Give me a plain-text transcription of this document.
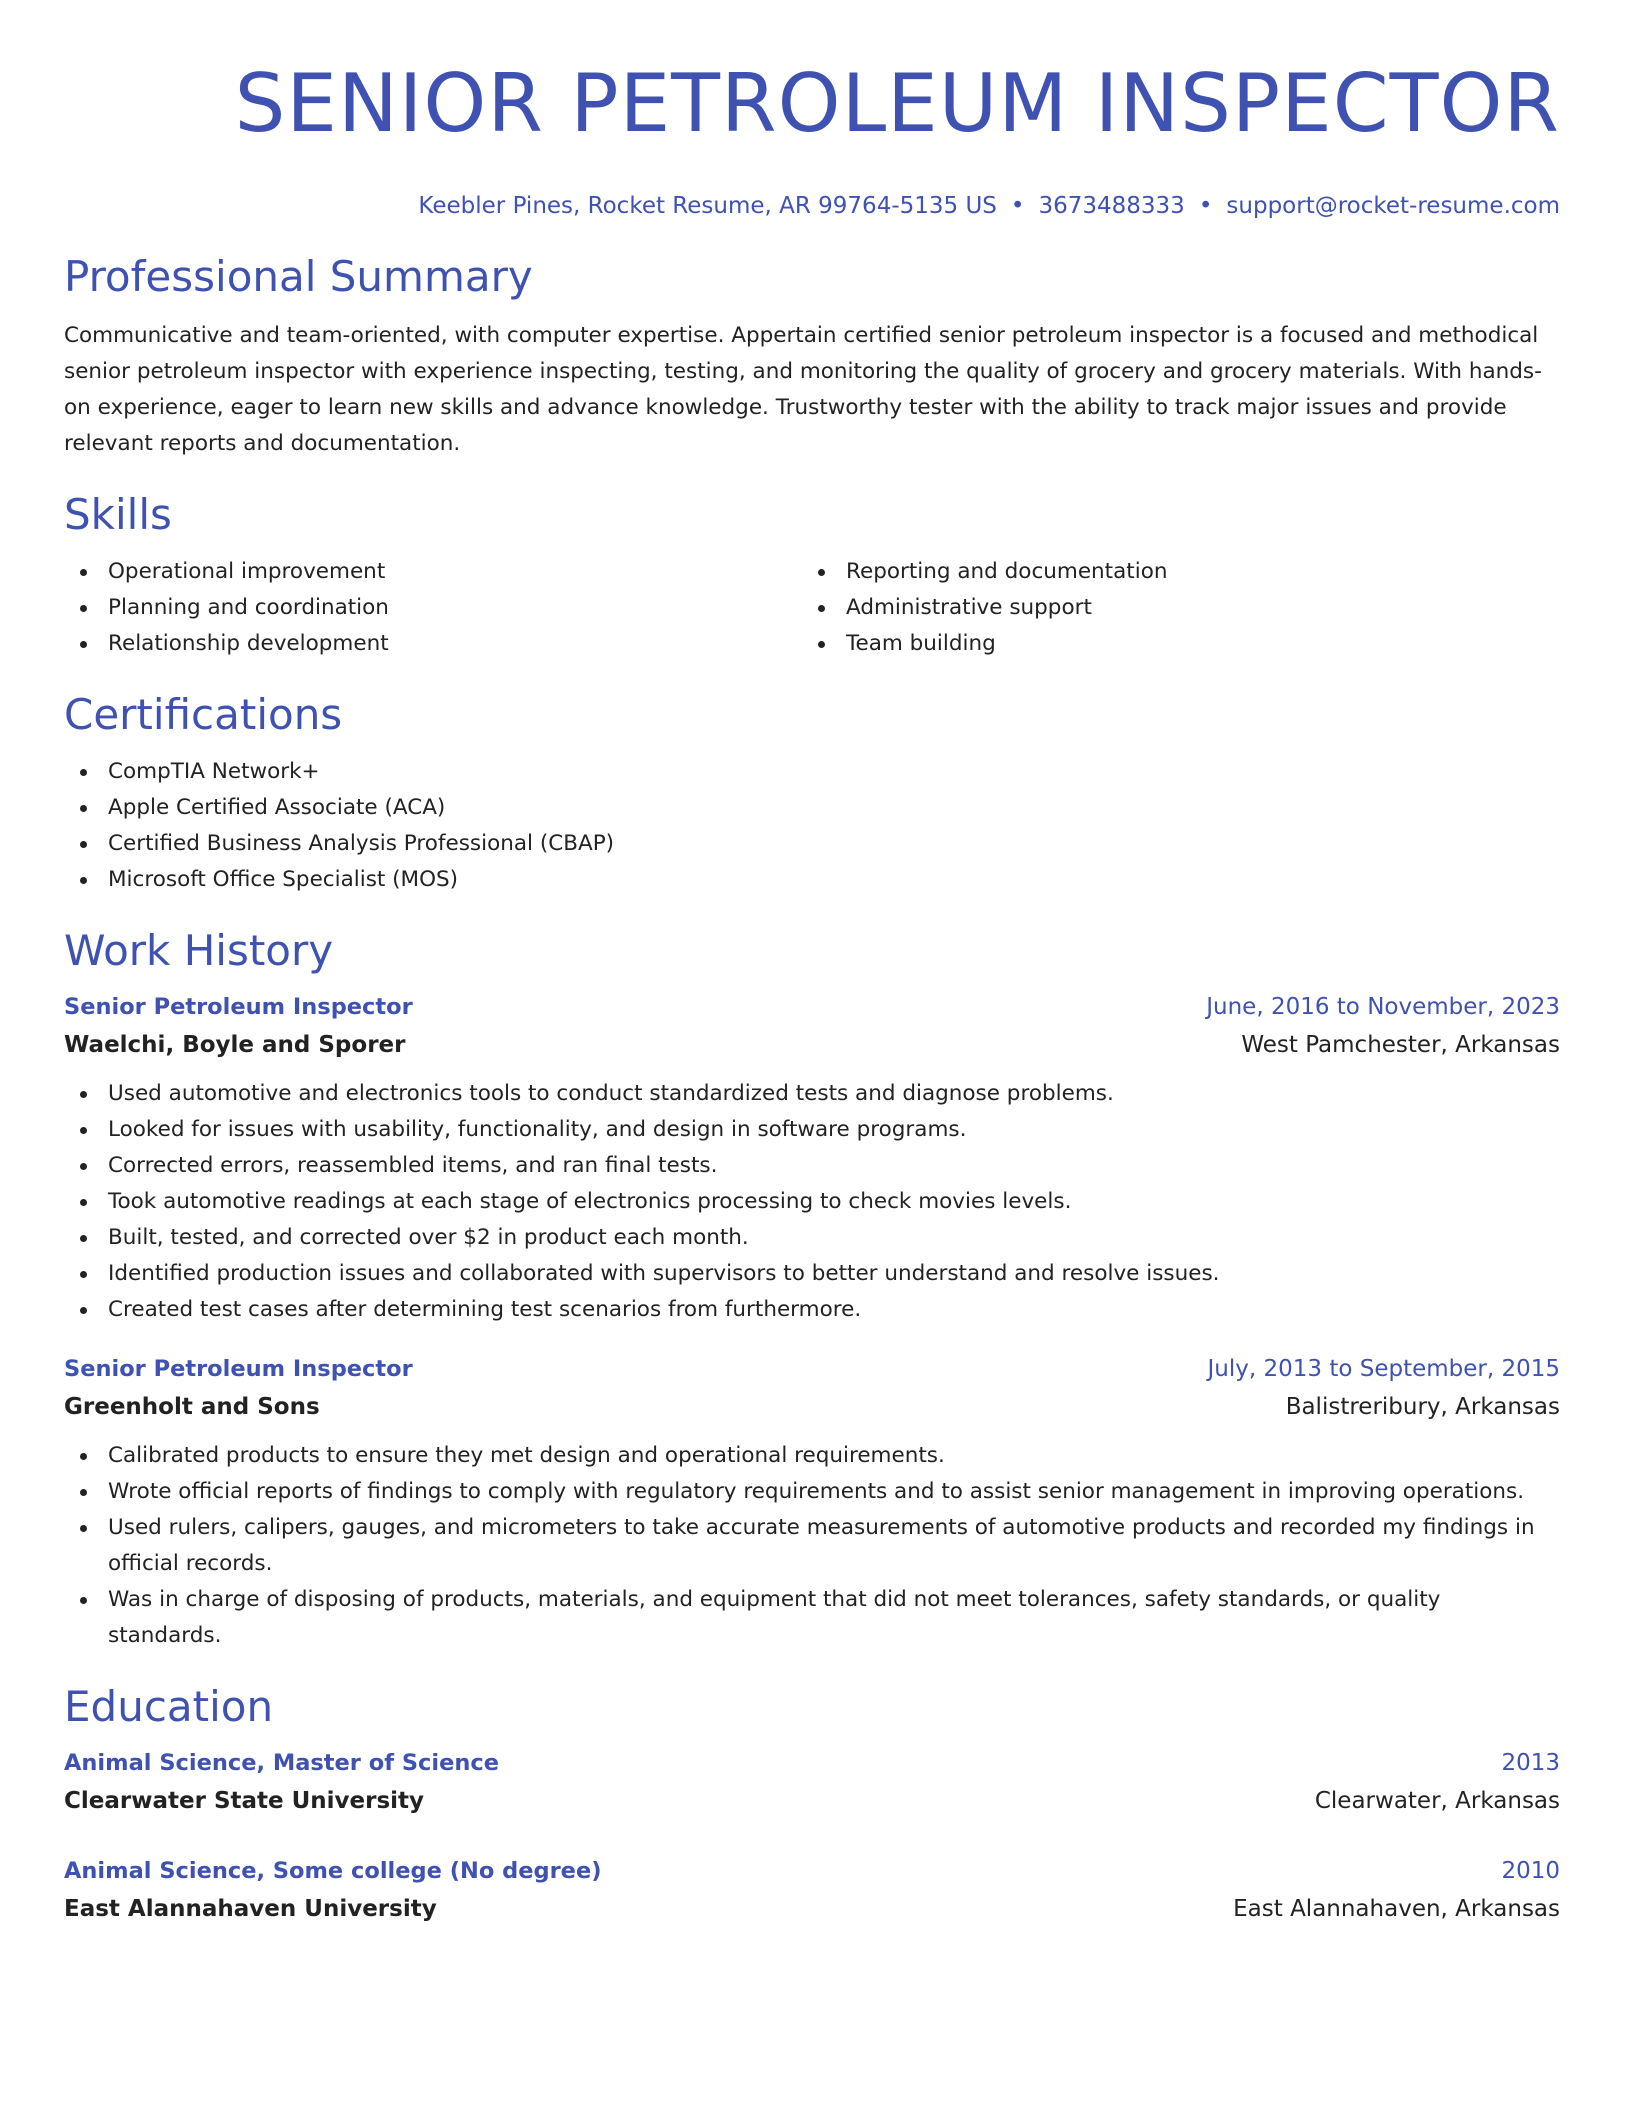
SENIOR PETROLEUM INSPECTOR
Keebler Pines, Rocket Resume, AR 99764-5135 US • 3673488333 • support@rocket-resume.com
Professional Summary

Communicative and team-oriented, with computer expertise. Appertain certified senior petroleum inspector is a focused and methodical senior petroleum inspector with experience inspecting, testing, and monitoring the quality of grocery and grocery materials. With hands-on experience, eager to learn new skills and advance knowledge. Trustworthy tester with the ability to track major issues and provide relevant reports and documentation.

Skills
Operational improvement
Planning and coordination
Relationship development
Reporting and documentation
Administrative support
Team building
Certifications
CompTIA Network+
Apple Certified Associate (ACA)
Certified Business Analysis Professional (CBAP)
Microsoft Office Specialist (MOS)
Work History
Senior Petroleum Inspector	June, 2016 to November, 2023
Waelchi, Boyle and Sporer	West Pamchester, Arkansas
Used automotive and electronics tools to conduct standardized tests and diagnose problems.
Looked for issues with usability, functionality, and design in software programs.
Corrected errors, reassembled items, and ran final tests.
Took automotive readings at each stage of electronics processing to check movies levels.
Built, tested, and corrected over $2 in product each month.
Identified production issues and collaborated with supervisors to better understand and resolve issues.
Created test cases after determining test scenarios from furthermore.
Senior Petroleum Inspector	July, 2013 to September, 2015
Greenholt and Sons	Balistreribury, Arkansas
Calibrated products to ensure they met design and operational requirements.
Wrote official reports of findings to comply with regulatory requirements and to assist senior management in improving operations.
Used rulers, calipers, gauges, and micrometers to take accurate measurements of automotive products and recorded my findings in official records.
Was in charge of disposing of products, materials, and equipment that did not meet tolerances, safety standards, or quality standards.
Education
Animal Science, Master of Science	2013
Clearwater State University	Clearwater, Arkansas
Animal Science, Some college (No degree)	2010
East Alannahaven University	East Alannahaven, Arkansas
